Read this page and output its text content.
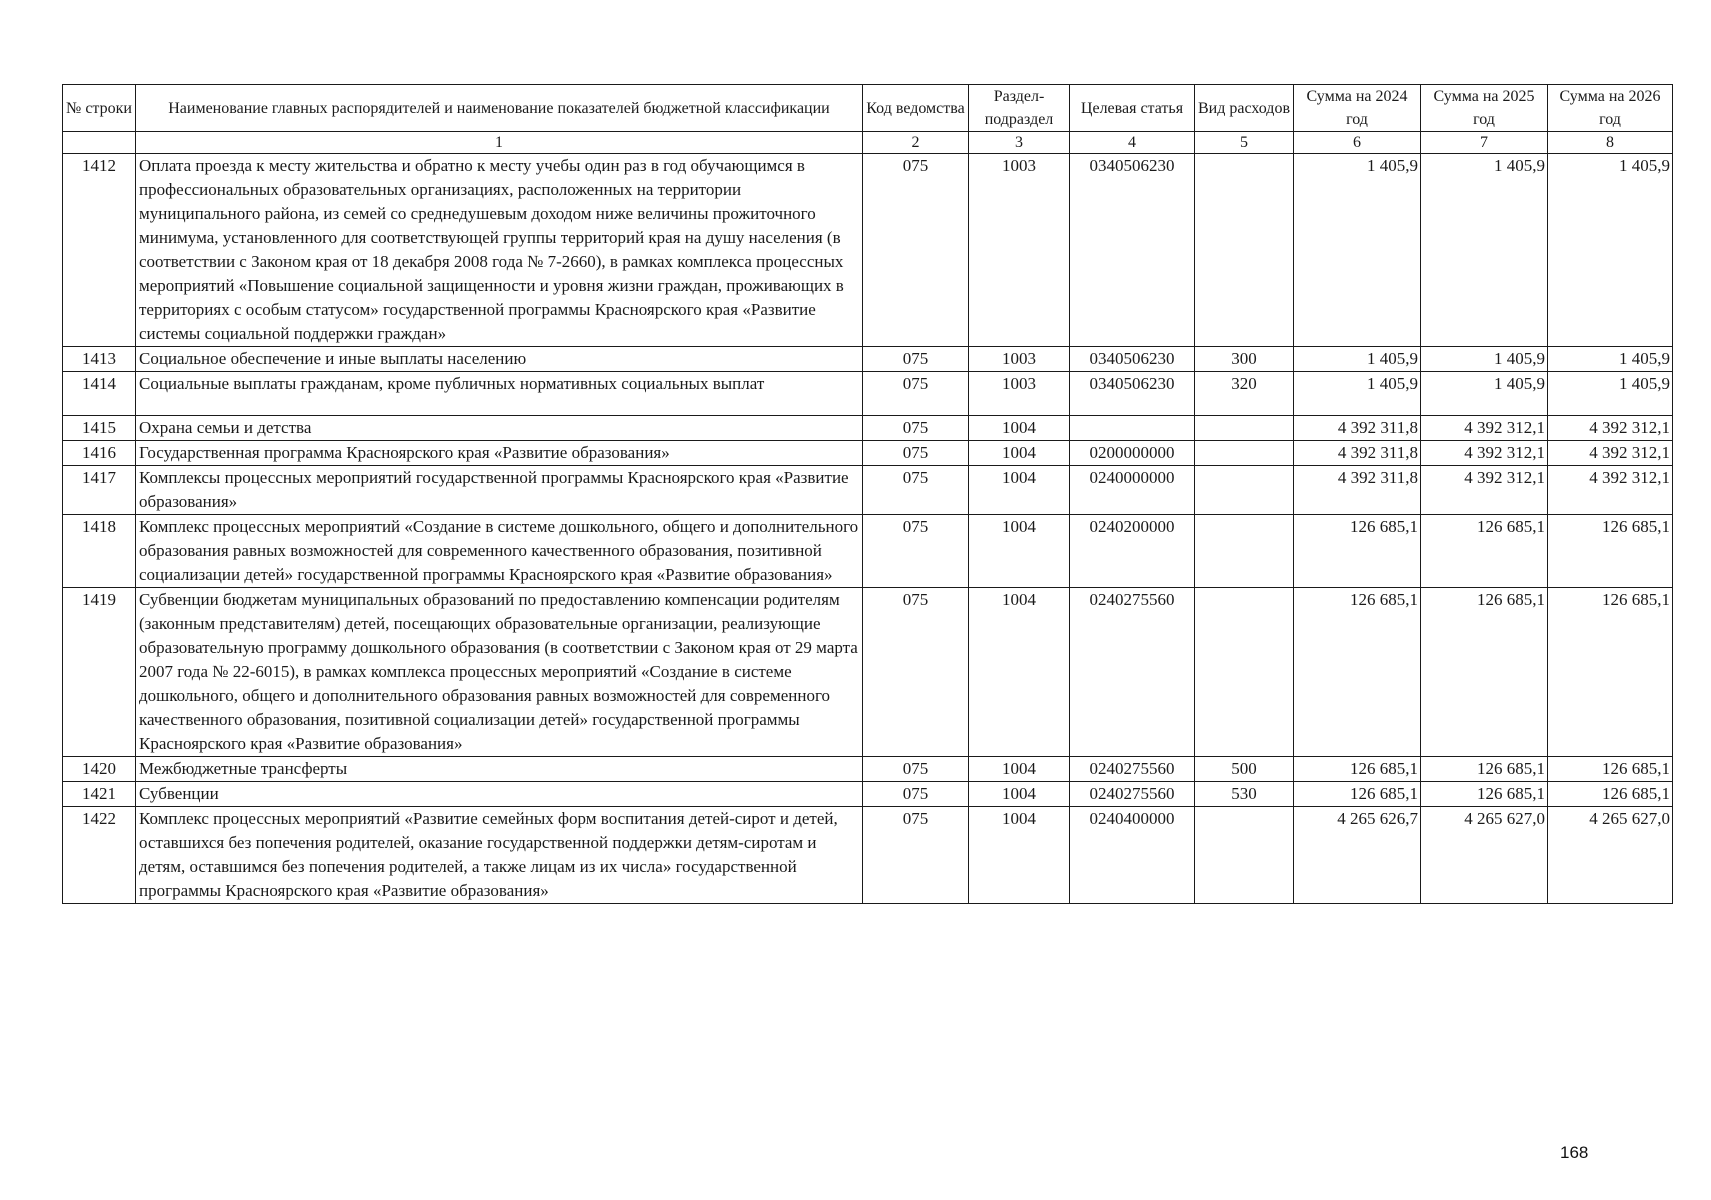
№ строки	Наименование главных распорядителей и наименование показателей бюджетной классификации	Код ведомства	Раздел-подраздел	Целевая статья	Вид расходов	Сумма на 2024 год	Сумма на 2025 год	Сумма на 2026 год
	1	2	3	4	5	6	7	8
1412	Оплата проезда к месту жительства и обратно к месту учебы один раз в год обучающимся в профессиональных образовательных организациях, расположенных на территории муниципального района, из семей со среднедушевым доходом ниже величины прожиточного минимума, установленного для соответствующей группы территорий края на душу населения (в соответствии с Законом края от 18 декабря 2008 года № 7-2660), в рамках комплекса процессных мероприятий «Повышение социальной защищенности и уровня жизни граждан, проживающих в территориях с особым статусом» государственной программы Красноярского края «Развитие системы социальной поддержки граждан»	075	1003	0340506230		1 405,9	1 405,9	1 405,9
1413	Социальное обеспечение и иные выплаты населению	075	1003	0340506230	300	1 405,9	1 405,9	1 405,9
1414	Социальные выплаты гражданам, кроме публичных нормативных социальных выплат	075	1003	0340506230	320	1 405,9	1 405,9	1 405,9
1415	Охрана семьи и детства	075	1004			4 392 311,8	4 392 312,1	4 392 312,1
1416	Государственная программа Красноярского края «Развитие образования»	075	1004	0200000000		4 392 311,8	4 392 312,1	4 392 312,1
1417	Комплексы процессных мероприятий государственной программы Красноярского края «Развитие образования»	075	1004	0240000000		4 392 311,8	4 392 312,1	4 392 312,1
1418	Комплекс процессных мероприятий «Создание в системе дошкольного, общего и дополнительного образования равных возможностей для современного качественного образования, позитивной социализации детей» государственной программы Красноярского края «Развитие образования»	075	1004	0240200000		126 685,1	126 685,1	126 685,1
1419	Субвенции бюджетам муниципальных образований по предоставлению компенсации родителям (законным представителям) детей, посещающих образовательные организации, реализующие образовательную программу дошкольного образования (в соответствии с Законом края от 29 марта 2007 года № 22-6015), в рамках комплекса процессных мероприятий «Создание в системе дошкольного, общего и дополнительного образования равных возможностей для современного качественного образования, позитивной социализации детей» государственной программы Красноярского края «Развитие образования»	075	1004	0240275560		126 685,1	126 685,1	126 685,1
1420	Межбюджетные трансферты	075	1004	0240275560	500	126 685,1	126 685,1	126 685,1
1421	Субвенции	075	1004	0240275560	530	126 685,1	126 685,1	126 685,1
1422	Комплекс процессных мероприятий «Развитие семейных форм воспитания детей-сирот и детей, оставшихся без попечения родителей, оказание государственной поддержки детям-сиротам и детям, оставшимся без попечения родителей, а также лицам из их числа» государственной программы Красноярского края «Развитие образования»	075	1004	0240400000		4 265 626,7	4 265 627,0	4 265 627,0
168
